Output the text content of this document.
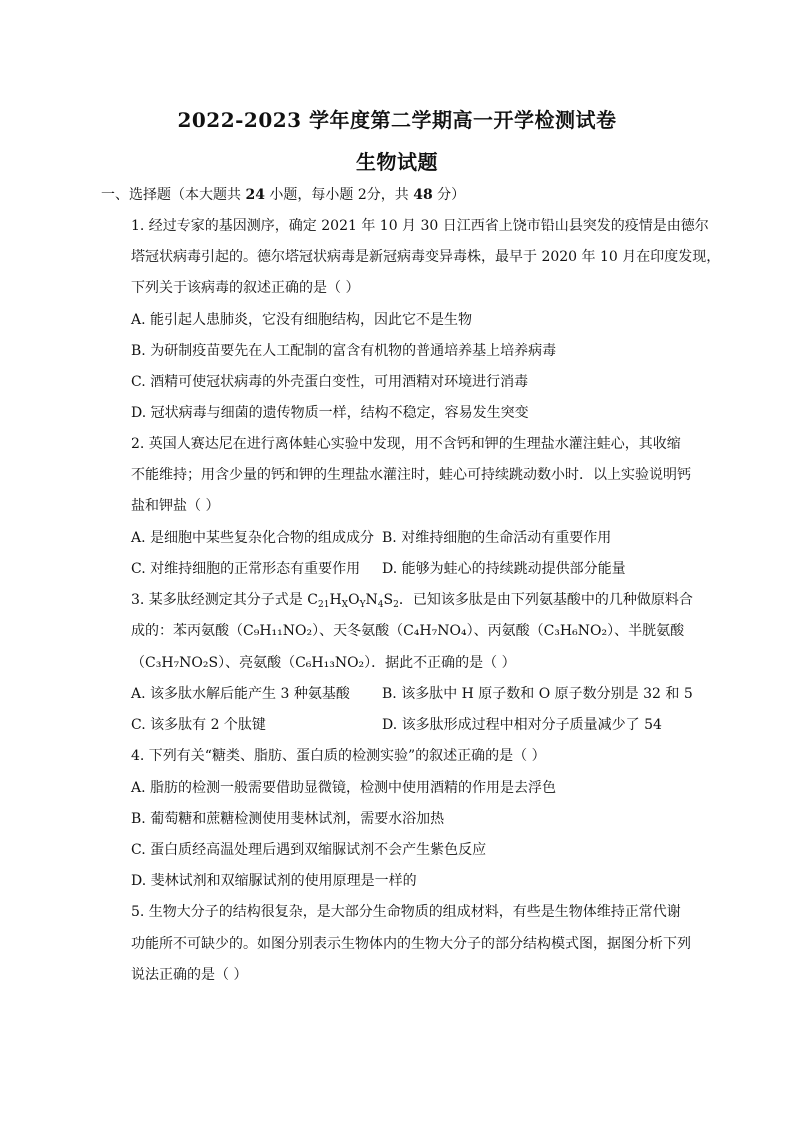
2022-2023 学年度第二学期高一开学检测试卷
生物试题
一、选择题（本大题共 24 小题，每小题 2分，共 48 分）
1. 经过专家的基因测序，确定 2021 年 10 月 30 日江西省上饶市铅山县突发的疫情是由德尔
塔冠状病毒引起的。德尔塔冠状病毒是新冠病毒变异毒株，最早于 2020 年 10 月在印度发现，
下列关于该病毒的叙述正确的是（ ）
A. 能引起人患肺炎，它没有细胞结构，因此它不是生物
B. 为研制疫苗要先在人工配制的富含有机物的普通培养基上培养病毒
C. 酒精可使冠状病毒的外壳蛋白变性，可用酒精对环境进行消毒
D. 冠状病毒与细菌的遗传物质一样，结构不稳定，容易发生突变
2. 英国人赛达尼在进行离体蛙心实验中发现，用不含钙和钾的生理盐水灌注蛙心，其收缩
不能维持；用含少量的钙和钾的生理盐水灌注时，蛙心可持续跳动数小时．以上实验说明钙
盐和钾盐（ ）
A. 是细胞中某些复杂化合物的组成成分 B. 对维持细胞的生命活动有重要作用
C. 对维持细胞的正常形态有重要作用 D. 能够为蛙心的持续跳动提供部分能量
3. 某多肽经测定其分子式是 $C_{21}H_XO_YN_4S_2$．已知该多肽是由下列氨基酸中的几种做原料合
成的：苯丙氨酸（C₉H₁₁NO₂）、天冬氨酸（C₄H₇NO₄）、丙氨酸（C₃H₆NO₂）、半胱氨酸
（C₃H₇NO₂S）、亮氨酸（C₆H₁₃NO₂）．据此不正确的是（ ）
A. 该多肽水解后能产生 3 种氨基酸 B. 该多肽中 H 原子数和 O 原子数分别是 32 和 5
C. 该多肽有 2 个肽键	D. 该多肽形成过程中相对分子质量减少了 54
4. 下列有关“糖类、脂肪、蛋白质的检测实验”的叙述正确的是（ ）
A. 脂肪的检测一般需要借助显微镜，检测中使用酒精的作用是去浮色
B. 葡萄糖和蔗糖检测使用斐林试剂，需要水浴加热
C. 蛋白质经高温处理后遇到双缩脲试剂不会产生紫色反应
D. 斐林试剂和双缩脲试剂的使用原理是一样的
5. 生物大分子的结构很复杂，是大部分生命物质的组成材料，有些是生物体维持正常代谢
功能所不可缺少的。如图分别表示生物体内的生物大分子的部分结构模式图，据图分析下列
说法正确的是（ ）
